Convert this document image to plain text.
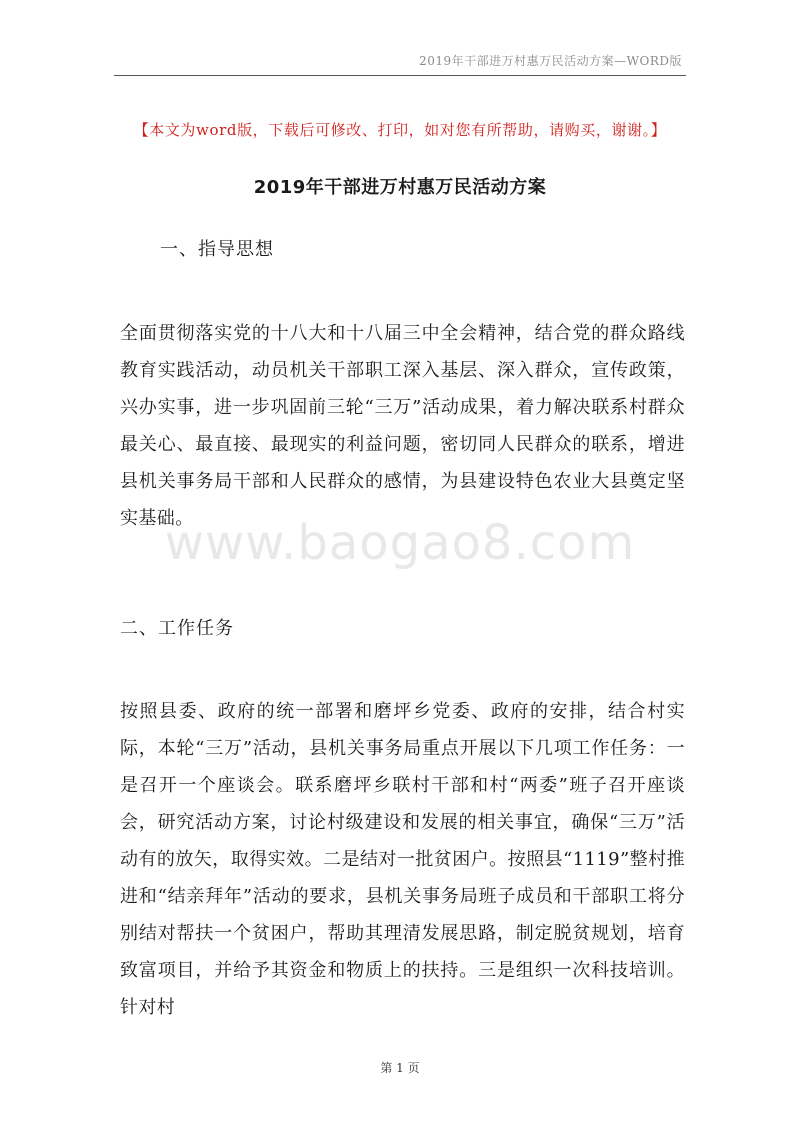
2019年干部进万村惠万民活动方案—WORD版
【本文为word版，下载后可修改、打印，如对您有所帮助，请购买，谢谢。】
2019年干部进万村惠万民活动方案
一、指导思想
全面贯彻落实党的十八大和十八届三中全会精神，结合党的群众路线教育实践活动，动员机关干部职工深入基层、深入群众，宣传政策，兴办实事，进一步巩固前三轮“三万”活动成果，着力解决联系村群众最关心、最直接、最现实的利益问题，密切同人民群众的联系，增进县机关事务局干部和人民群众的感情，为县建设特色农业大县奠定坚实基础。
www.baogao8.com
二、工作任务
按照县委、政府的统一部署和磨坪乡党委、政府的安排，结合村实际，本轮“三万”活动，县机关事务局重点开展以下几项工作任务：一是召开一个座谈会。联系磨坪乡联村干部和村“两委”班子召开座谈会，研究活动方案，讨论村级建设和发展的相关事宜，确保“三万”活动有的放矢，取得实效。二是结对一批贫困户。按照县“1119”整村推进和“结亲拜年”活动的要求，县机关事务局班子成员和干部职工将分别结对帮扶一个贫困户，帮助其理清发展思路，制定脱贫规划，培育致富项目，并给予其资金和物质上的扶持。三是组织一次科技培训。针对村
第 1 页
